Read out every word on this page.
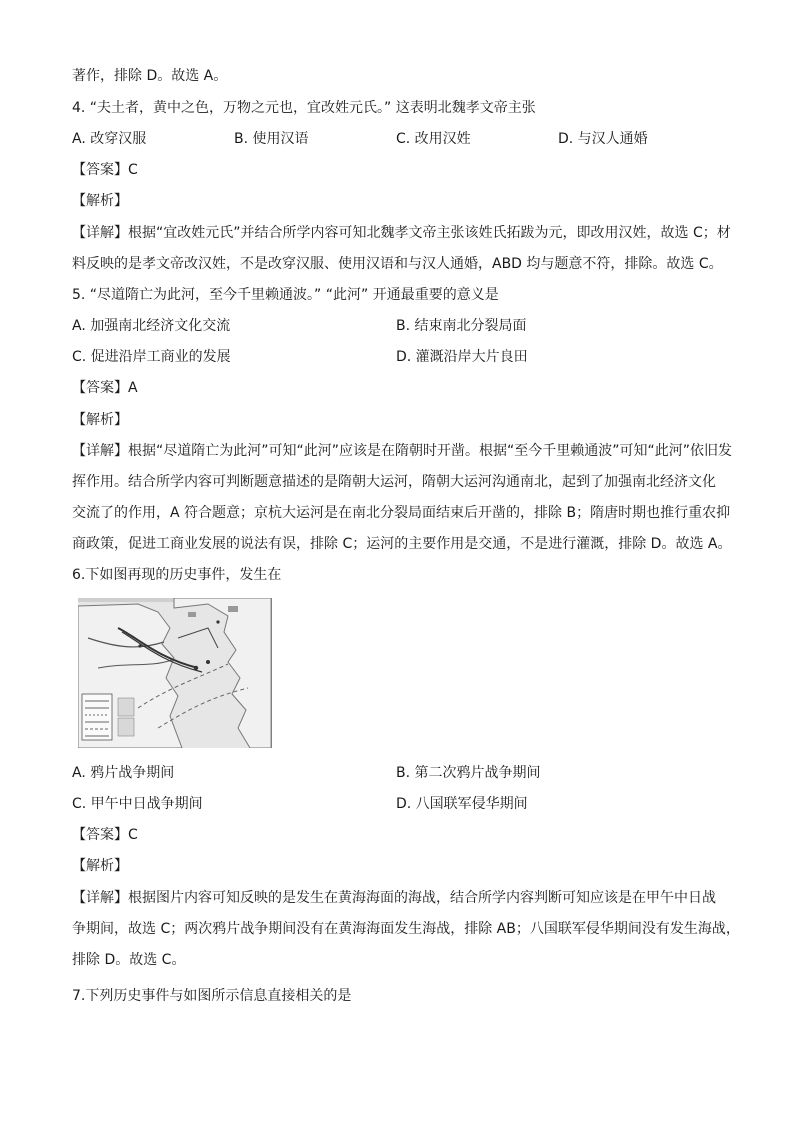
著作，排除 D。故选 A。
4. “夫土者，黄中之色，万物之元也，宜改姓元氏。” 这表明北魏孝文帝主张
A. 改穿汉服	B. 使用汉语	C. 改用汉姓	D. 与汉人通婚
【答案】C
【解析】
【详解】根据“宜改姓元氏”并结合所学内容可知北魏孝文帝主张该姓氏拓跋为元，即改用汉姓，故选 C；材
料反映的是孝文帝改汉姓，不是改穿汉服、使用汉语和与汉人通婚，ABD 均与题意不符，排除。故选 C。
5. “尽道隋亡为此河，至今千里赖通波。” “此河” 开通最重要的意义是
A. 加强南北经济文化交流	B. 结束南北分裂局面
C. 促进沿岸工商业的发展	D. 灌溉沿岸大片良田
【答案】A
【解析】
【详解】根据“尽道隋亡为此河”可知“此河”应该是在隋朝时开凿。根据“至今千里赖通波”可知“此河”依旧发
挥作用。结合所学内容可判断题意描述的是隋朝大运河，隋朝大运河沟通南北，起到了加强南北经济文化
交流了的作用，A 符合题意；京杭大运河是在南北分裂局面结束后开凿的，排除 B；隋唐时期也推行重农抑
商政策，促进工商业发展的说法有误，排除 C；运河的主要作用是交通，不是进行灌溉，排除 D。故选 A。
6.下如图再现的历史事件，发生在
A. 鸦片战争期间	B. 第二次鸦片战争期间
C. 甲午中日战争期间	D. 八国联军侵华期间
【答案】C
【解析】
【详解】根据图片内容可知反映的是发生在黄海海面的海战，结合所学内容判断可知应该是在甲午中日战
争期间，故选 C；两次鸦片战争期间没有在黄海海面发生海战，排除 AB；八国联军侵华期间没有发生海战，
排除 D。故选 C。
7.下列历史事件与如图所示信息直接相关的是
